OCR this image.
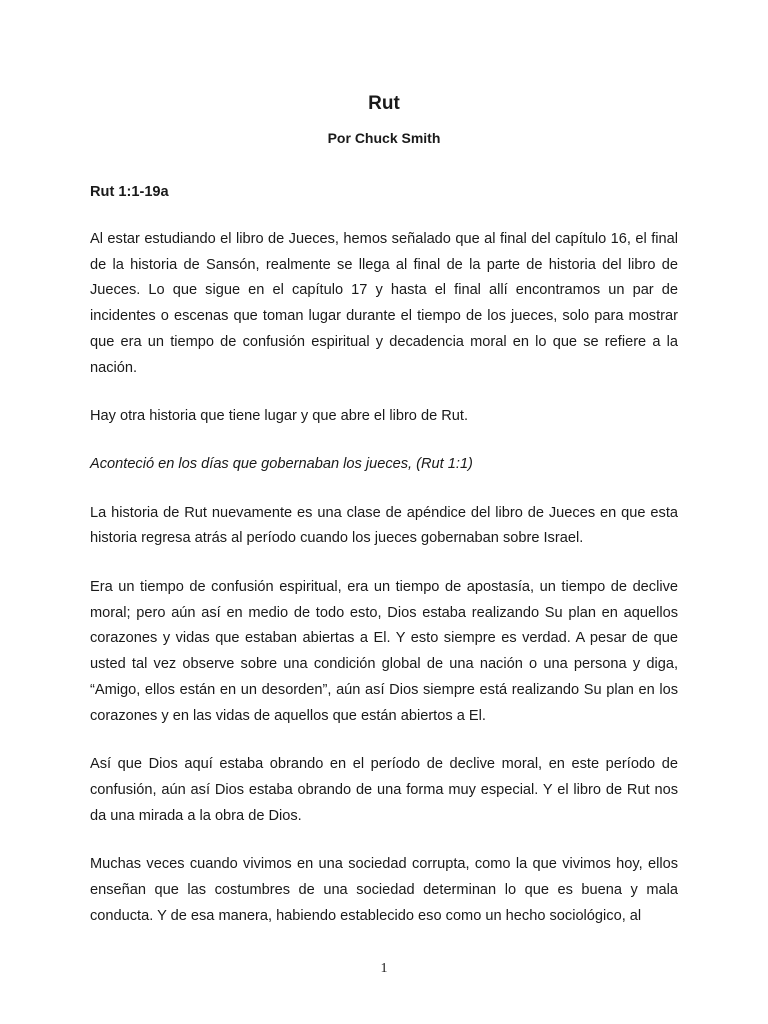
Rut
Por Chuck Smith

Rut 1:1-19a

Al estar estudiando el libro de Jueces, hemos señalado que al final del capítulo 16, el final de la historia de Sansón, realmente se llega al final de la parte de historia del libro de Jueces. Lo que sigue en el capítulo 17 y hasta el final allí encontramos un par de incidentes o escenas que toman lugar durante el tiempo de los jueces, solo para mostrar que era un tiempo de confusión espiritual y decadencia moral en lo que se refiere a la nación.

Hay otra historia que tiene lugar y que abre el libro de Rut.

Aconteció en los días que gobernaban los jueces, (Rut 1:1)

La historia de Rut nuevamente es una clase de apéndice del libro de Jueces en que esta historia regresa atrás al período cuando los jueces gobernaban sobre Israel.

Era un tiempo de confusión espiritual, era un tiempo de apostasía, un tiempo de declive moral; pero aún así en medio de todo esto, Dios estaba realizando Su plan en aquellos corazones y vidas que estaban abiertas a El. Y esto siempre es verdad. A pesar de que usted tal vez observe sobre una condición global de una nación o una persona y diga, “Amigo, ellos están en un desorden”, aún así Dios siempre está realizando Su plan en los corazones y en las vidas de aquellos que están abiertos a El.

Así que Dios aquí estaba obrando en el período de declive moral, en este período de confusión, aún así Dios estaba obrando de una forma muy especial. Y el libro de Rut nos da una mirada a la obra de Dios.

Muchas veces cuando vivimos en una sociedad corrupta, como la que vivimos hoy, ellos enseñan que las costumbres de una sociedad determinan lo que es buena y mala conducta. Y de esa manera, habiendo establecido eso como un hecho sociológico, al

1
